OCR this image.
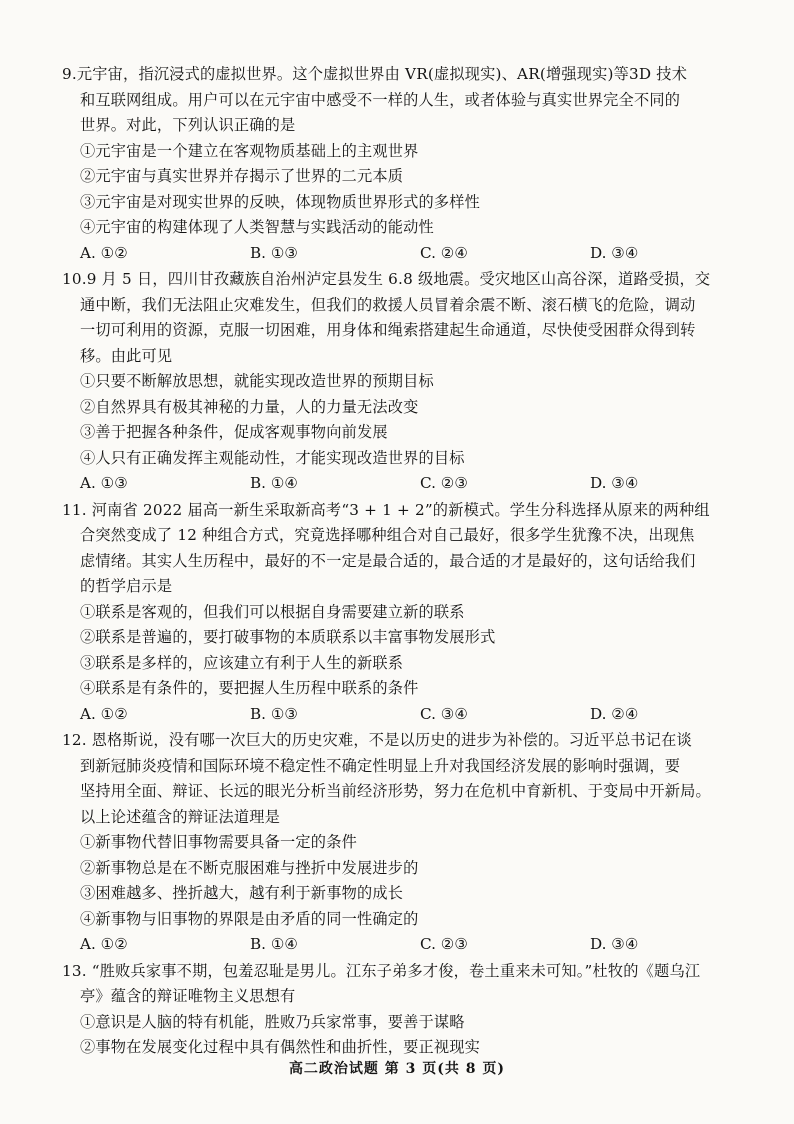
9.元宇宙，指沉浸式的虚拟世界。这个虚拟世界由 VR(虚拟现实)、AR(增强现实)等3D 技术
和互联网组成。用户可以在元宇宙中感受不一样的人生，或者体验与真实世界完全不同的
世界。对此，下列认识正确的是
①元宇宙是一个建立在客观物质基础上的主观世界
②元宇宙与真实世界并存揭示了世界的二元本质
③元宇宙是对现实世界的反映，体现物质世界形式的多样性
④元宇宙的构建体现了人类智慧与实践活动的能动性
A. ①②	B. ①③	C. ②④	D. ③④
10.9 月 5 日，四川甘孜藏族自治州泸定县发生 6.8 级地震。受灾地区山高谷深，道路受损，交
通中断，我们无法阻止灾难发生，但我们的救援人员冒着余震不断、滚石横飞的危险，调动
一切可利用的资源，克服一切困难，用身体和绳索搭建起生命通道，尽快使受困群众得到转
移。由此可见
①只要不断解放思想，就能实现改造世界的预期目标
②自然界具有极其神秘的力量，人的力量无法改变
③善于把握各种条件，促成客观事物向前发展
④人只有正确发挥主观能动性，才能实现改造世界的目标
A. ①③	B. ①④	C. ②③	D. ③④
11. 河南省 2022 届高一新生采取新高考“3 + 1 + 2”的新模式。学生分科选择从原来的两种组
合突然变成了 12 种组合方式，究竟选择哪种组合对自己最好，很多学生犹豫不决，出现焦
虑情绪。其实人生历程中，最好的不一定是最合适的，最合适的才是最好的，这句话给我们
的哲学启示是
①联系是客观的，但我们可以根据自身需要建立新的联系
②联系是普遍的，要打破事物的本质联系以丰富事物发展形式
③联系是多样的，应该建立有利于人生的新联系
④联系是有条件的，要把握人生历程中联系的条件
A. ①②	B. ①③	C. ③④	D. ②④
12. 恩格斯说，没有哪一次巨大的历史灾难，不是以历史的进步为补偿的。习近平总书记在谈
到新冠肺炎疫情和国际环境不稳定性不确定性明显上升对我国经济发展的影响时强调，要
坚持用全面、辩证、长远的眼光分析当前经济形势，努力在危机中育新机、于变局中开新局。
以上论述蕴含的辩证法道理是
①新事物代替旧事物需要具备一定的条件
②新事物总是在不断克服困难与挫折中发展进步的
③困难越多、挫折越大，越有利于新事物的成长
④新事物与旧事物的界限是由矛盾的同一性确定的
A. ①②	B. ①④	C. ②③	D. ③④
13. “胜败兵家事不期，包羞忍耻是男儿。江东子弟多才俊，卷土重来未可知。”杜牧的《题乌江
亭》蕴含的辩证唯物主义思想有
①意识是人脑的特有机能，胜败乃兵家常事，要善于谋略
②事物在发展变化过程中具有偶然性和曲折性，要正视现实
高二政治试题 第 3 页(共 8 页)
